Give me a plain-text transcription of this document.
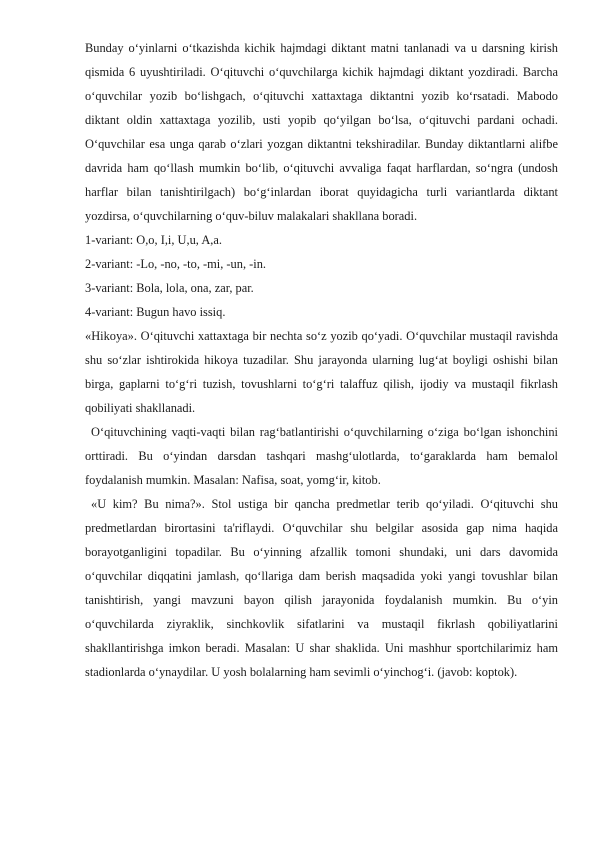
Bunday o‘yinlarni o‘tkazishda kichik hajmdagi diktant matni tanlanadi va u darsning kirish qismida 6 uyushtiriladi. O‘qituvchi o‘quvchilarga kichik hajmdagi diktant yozdiradi. Barcha o‘quvchilar yozib bo‘lishgach, o‘qituvchi xattaxtaga diktantni yozib ko‘rsatadi. Mabodo diktant oldin xattaxtaga yozilib, usti yopib qo‘yilgan bo‘lsa, o‘qituvchi pardani ochadi. O‘quvchilar esa unga qarab o‘zlari yozgan diktantni tekshiradilar. Bunday diktantlarni alifbe davrida ham qo‘llash mumkin bo‘lib, o‘qituvchi avvaliga faqat harflardan, so‘ngra (undosh harflar bilan tanishtirilgach) bo‘g‘inlardan iborat quyidagicha turli variantlarda diktant yozdirsa, o‘quvchilarning o‘quv-biluv malakalari shakllana boradi.

1-variant: O,o, I,i, U,u, A,a.

2-variant: -Lo, -no, -to, -mi, -un, -in.

3-variant: Bola, lola, ona, zar, par.

4-variant: Bugun havo issiq.

«Hikoya». O‘qituvchi xattaxtaga bir nechta so‘z yozib qo‘yadi. O‘quvchilar mustaqil ravishda shu so‘zlar ishtirokida hikoya tuzadilar. Shu jarayonda ularning lug‘at boyligi oshishi bilan birga, gaplarni to‘g‘ri tuzish, tovushlarni to‘g‘ri talaffuz qilish, ijodiy va mustaqil fikrlash qobiliyati shakllanadi.

O‘qituvchining vaqti-vaqti bilan rag‘batlantirishi o‘quvchilarning o‘ziga bo‘lgan ishonchini orttiradi. Bu o‘yindan darsdan tashqari mashg‘ulotlarda, to‘garaklarda ham bemalol foydalanish mumkin. Masalan: Nafisa, soat, yomg‘ir, kitob.

«U kim? Bu nima?». Stol ustiga bir qancha predmetlar terib qo‘yiladi. O‘qituvchi shu predmetlardan birortasini ta'riflaydi. O‘quvchilar shu belgilar asosida gap nima haqida borayotganligini topadilar. Bu o‘yinning afzallik tomoni shundaki, uni dars davomida o‘quvchilar diqqatini jamlash, qo‘llariga dam berish maqsadida yoki yangi tovushlar bilan tanishtirish, yangi mavzuni bayon qilish jarayonida foydalanish mumkin. Bu o‘yin o‘quvchilarda ziyraklik, sinchkovlik sifatlarini va mustaqil fikrlash qobiliyatlarini shakllantirishga imkon beradi. Masalan: U shar shaklida. Uni mashhur sportchilarimiz ham stadionlarda o‘ynaydilar. U yosh bolalarning ham sevimli o‘yinchog‘i. (javob: koptok).
